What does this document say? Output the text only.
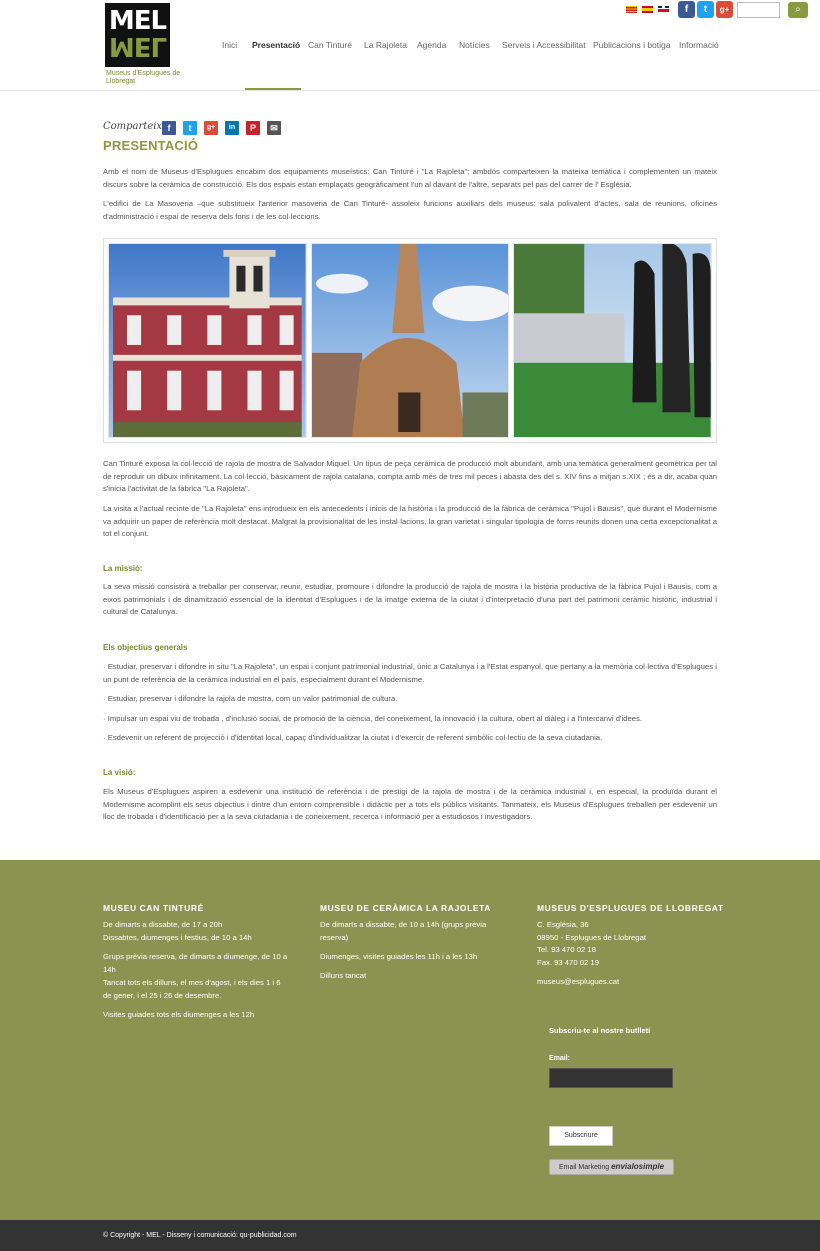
MEL
MEL
Museus d'Esplugues de Llobregat
Inici	Presentació Can Tinturé	La Rajoleta	Agenda	Notícies	Serveis i Accessibilitat Publicacions i botiga	Informació
f	t	g+	⌕
Comparteix f	t	g+	in	P	✉
PRESENTACIÓ

Amb el nom de Museus d'Esplugues encabim dos equipaments museístics: Can Tinturé i "La Rajoleta"; ambdós comparteixen la mateixa temàtica i complementen un mateix discurs sobre la ceràmica de construcció. Els dos espais estan emplaçats geogràficament l'un al davant de l'altre, separats pel pas del carrer de l' Església.

L'edifici de La Masoveria –que substitueix l'anterior masoveria de Can Tinturé- assoleix funcions auxiliars dels museus: sala polivalent d'actes, sala de reunions, oficines d'administració i espai de reserva dels fons i de les col·leccions.

Can Tinturé exposa la col·lecció de rajola de mostra de Salvador Miquel. Un tipus de peça ceràmica de producció molt abundant, amb una temàtica generalment geomètrica per tal de reproduir un dibuix infinitament. La col·lecció, bàsicament de rajola catalana, compta amb més de tres mil peces i abasta des del s. XIV fins a mitjan s.XIX ; és a dir, acaba quan s'inicia l'activitat de la fàbrica "La Rajoleta".

La visita a l'actual recinte de "La Rajoleta" ens introdueix en els antecedents i inicis de la història i la producció de la fàbrica de ceràmica "Pujol i Bausis", que durant el Modernisme va adquirir un paper de referència molt destacat. Malgrat la provisionalitat de les instal·lacions, la gran varietat i singular tipologia de forns reunits donen una certa excepcionalitat a tot el conjunt.

La missió:

La seva missió consistirà a treballar per conservar, reunir, estudiar, promoure i difondre la producció de rajola de mostra i la història productiva de la fàbrica Pujol i Bausis, com a eixos patrimonials i de dinamització essencial de la identitat d'Esplugues i de la imatge externa de la ciutat i d'interpretació d'una part del patrimoni ceràmic històric, industrial i cultural de Catalunya.

Els objectius generals

· Estudiar, preservar i difondre in situ "La Rajoleta", un espai i conjunt patrimonial industrial, únic a Catalunya i a l'Estat espanyol, que pertany a la memòria col·lectiva d'Esplugues i un punt de referència de la ceràmica industrial en el país, especialment durant el Modernisme.

· Estudiar, preservar i difondre la rajola de mostra, com un valor patrimonial de cultura.

· Impulsar un espai viu de trobada , d'inclusió social, de promoció de la ciència, del coneixement, la innovació i la cultura, obert al diàleg i a l'intercanvi d'idees.

· Esdevenir un referent de projecció i d'identitat local, capaç d'individualitzar la ciutat i d'exercir de referent simbòlic col·lectiu de la seva ciutadania.

La visió:

Els Museus d'Esplugues aspiren a esdevenir una institució de referència i de prestigi de la rajola de mostra i de la ceràmica industrial i, en especial, la produïda durant el Modernisme acomplint els seus objectius i dintre d'un entorn comprensible i didàctic per a tots els públics visitants. Tanmateix, els Museus d'Esplugues treballen per esdevenir un lloc de trobada i d'identificació per a la seva ciutadania i de coneixement, recerca i informació per a estudiosos i investigadors.

MUSEU CAN TINTURÉ
De dimarts a dissabte, de 17 a 20h
Dissabtes, diumenges i festius, de 10 a 14h
Grups prèvia reserva, de dimarts a diumenge, de 10 a 14h
Tancat tots els dilluns, el mes d'agost, i els dies 1 i 6 de gener, i el 25 i 26 de desembre.
Visites guiades tots els diumenges a les 12h
MUSEU DE CERÀMICA LA RAJOLETA
De dimarts a dissabte, de 10 a 14h (grups prèvia reserva)
Diumenges, visites guiades les 11h i a les 13h
Dilluns tancat
MUSEUS D'ESPLUGUES DE LLOBREGAT
C. Església, 36
08950 - Esplugues de Llobregat
Tel. 93 470 02 18
Fax. 93 470 02 19
museus@esplugues.cat
Subscriu-te al nostre butlletí
Email:
Subscriure
Email Marketing envialosimple
© Copyright - MEL - Disseny i comunicació: qu-publicidad.com
